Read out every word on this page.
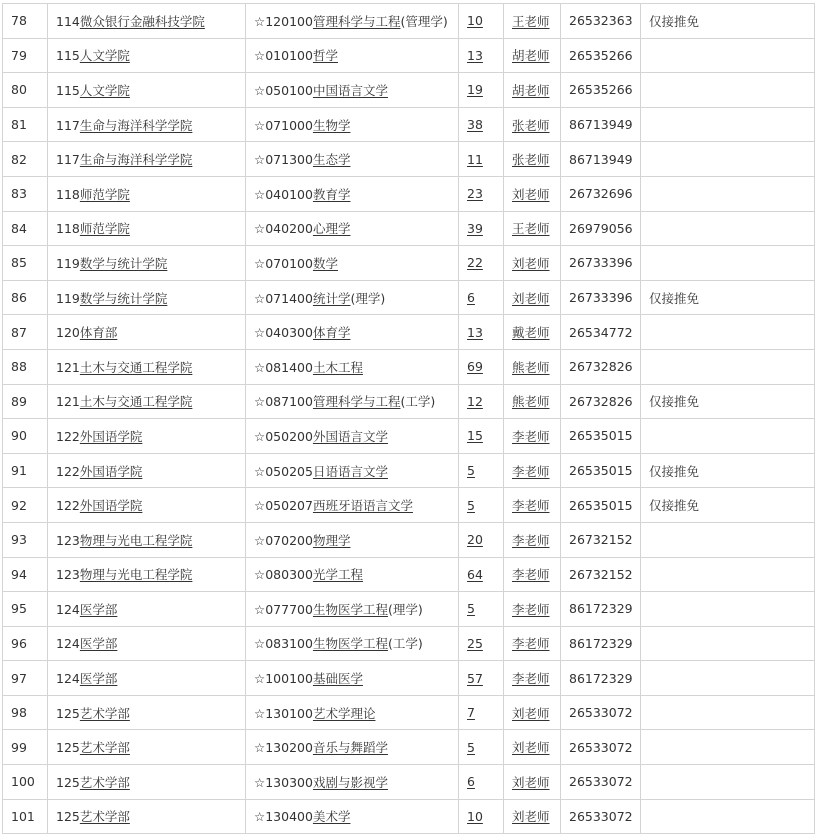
78	114微众银行金融科技学院	☆120100管理科学与工程(管理学)	10	王老师	26532363	仅接推免
79	115人文学院	☆010100哲学	13	胡老师	26535266	
80	115人文学院	☆050100中国语言文学	19	胡老师	26535266	
81	117生命与海洋科学学院	☆071000生物学	38	张老师	86713949	
82	117生命与海洋科学学院	☆071300生态学	11	张老师	86713949	
83	118师范学院	☆040100教育学	23	刘老师	26732696	
84	118师范学院	☆040200心理学	39	王老师	26979056	
85	119数学与统计学院	☆070100数学	22	刘老师	26733396	
86	119数学与统计学院	☆071400统计学(理学)	6	刘老师	26733396	仅接推免
87	120体育部	☆040300体育学	13	戴老师	26534772	
88	121土木与交通工程学院	☆081400土木工程	69	熊老师	26732826	
89	121土木与交通工程学院	☆087100管理科学与工程(工学)	12	熊老师	26732826	仅接推免
90	122外国语学院	☆050200外国语言文学	15	李老师	26535015	
91	122外国语学院	☆050205日语语言文学	5	李老师	26535015	仅接推免
92	122外国语学院	☆050207西班牙语语言文学	5	李老师	26535015	仅接推免
93	123物理与光电工程学院	☆070200物理学	20	李老师	26732152	
94	123物理与光电工程学院	☆080300光学工程	64	李老师	26732152	
95	124医学部	☆077700生物医学工程(理学)	5	李老师	86172329	
96	124医学部	☆083100生物医学工程(工学)	25	李老师	86172329	
97	124医学部	☆100100基础医学	57	李老师	86172329	
98	125艺术学部	☆130100艺术学理论	7	刘老师	26533072	
99	125艺术学部	☆130200音乐与舞蹈学	5	刘老师	26533072	
100	125艺术学部	☆130300戏剧与影视学	6	刘老师	26533072	
101	125艺术学部	☆130400美术学	10	刘老师	26533072	
